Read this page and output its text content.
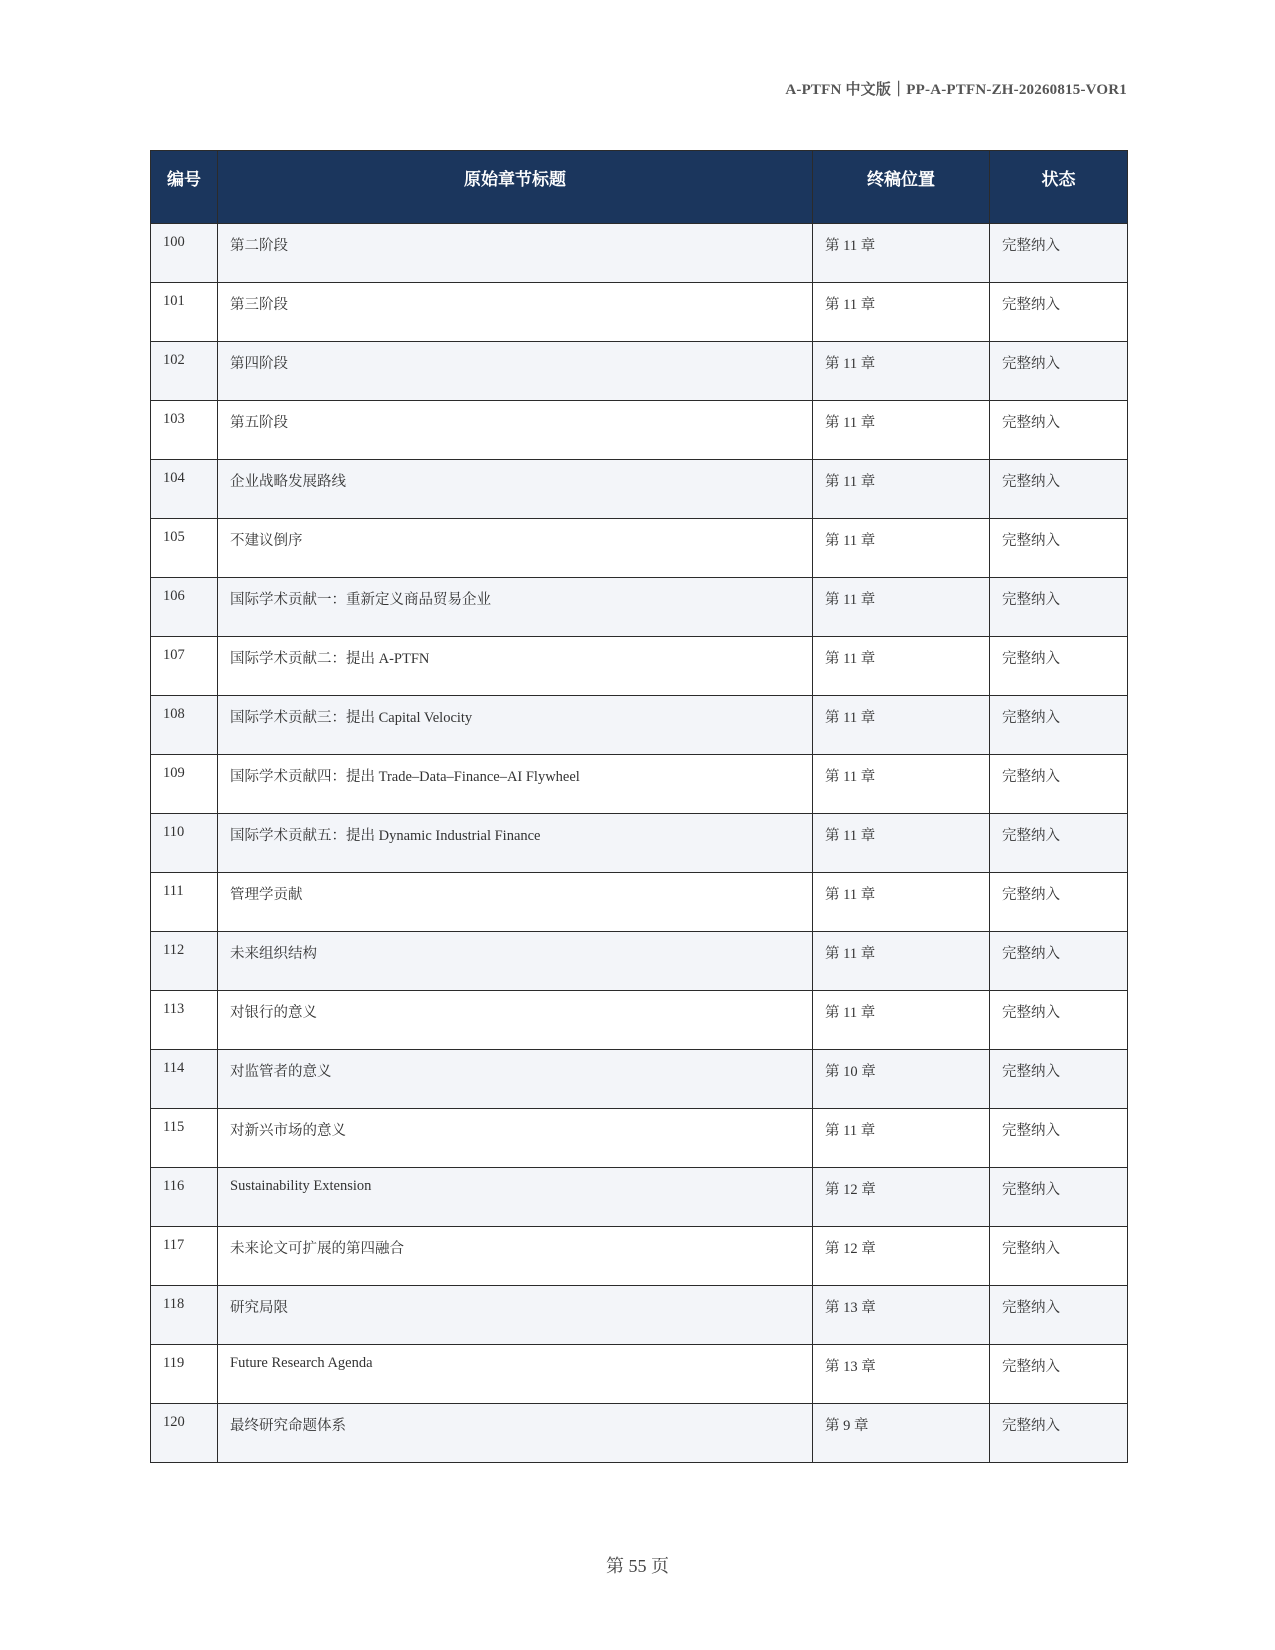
A-PTFN 中文版｜PP-A-PTFN-ZH-20260815-VOR1
编号	原始章节标题	终稿位置	状态
100	第二阶段	第 11 章	完整纳入
101	第三阶段	第 11 章	完整纳入
102	第四阶段	第 11 章	完整纳入
103	第五阶段	第 11 章	完整纳入
104	企业战略发展路线	第 11 章	完整纳入
105	不建议倒序	第 11 章	完整纳入
106	国际学术贡献一：重新定义商品贸易企业	第 11 章	完整纳入
107	国际学术贡献二：提出 A-PTFN	第 11 章	完整纳入
108	国际学术贡献三：提出 Capital Velocity	第 11 章	完整纳入
109	国际学术贡献四：提出 Trade–Data–Finance–AI Flywheel	第 11 章	完整纳入
110	国际学术贡献五：提出 Dynamic Industrial Finance	第 11 章	完整纳入
111	管理学贡献	第 11 章	完整纳入
112	未来组织结构	第 11 章	完整纳入
113	对银行的意义	第 11 章	完整纳入
114	对监管者的意义	第 10 章	完整纳入
115	对新兴市场的意义	第 11 章	完整纳入
116	Sustainability Extension	第 12 章	完整纳入
117	未来论文可扩展的第四融合	第 12 章	完整纳入
118	研究局限	第 13 章	完整纳入
119	Future Research Agenda	第 13 章	完整纳入
120	最终研究命题体系	第 9 章	完整纳入
第 55 页
